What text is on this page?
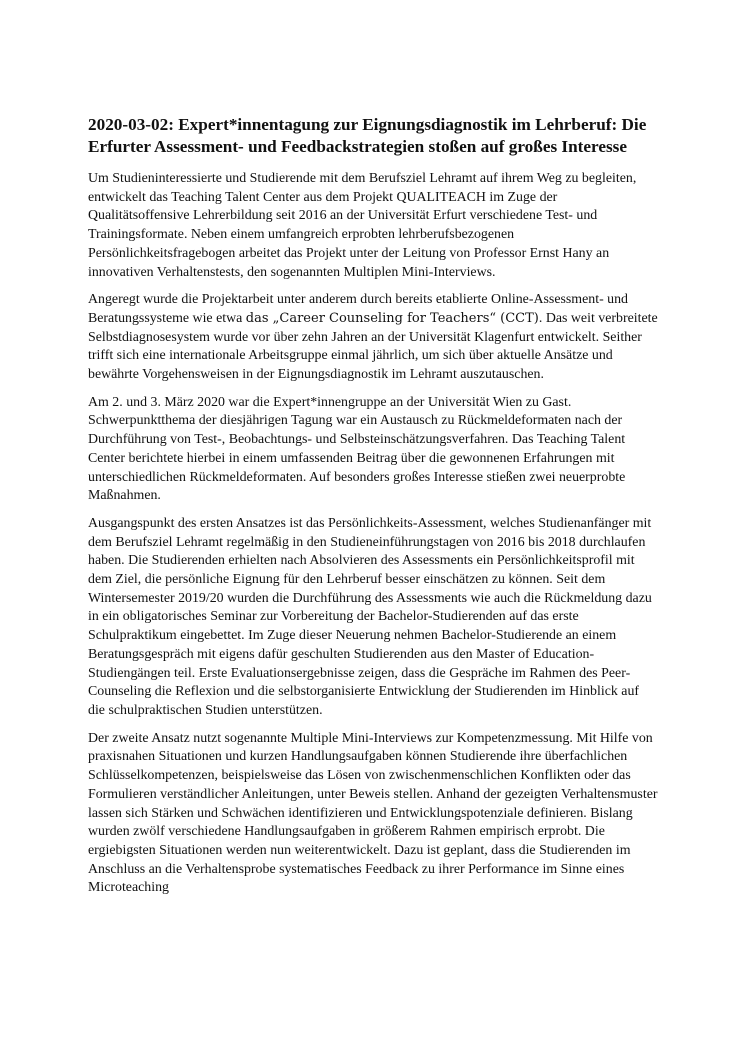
2020-03-02: Expert*innentagung zur Eignungsdiagnostik im Lehrberuf: Die Erfurter Assessment- und Feedbackstrategien stoßen auf großes Interesse

Um Studieninteressierte und Studierende mit dem Berufsziel Lehramt auf ihrem Weg zu begleiten, entwickelt das Teaching Talent Center aus dem Projekt QUALITEACH im Zuge der Qualitätsoffensive Lehrerbildung seit 2016 an der Universität Erfurt verschiedene Test- und Trainingsformate. Neben einem umfangreich erprobten lehrberufsbezogenen Persönlichkeitsfragebogen arbeitet das Projekt unter der Leitung von Professor Ernst Hany an innovativen Verhaltenstests, den sogenannten Multiplen Mini-Interviews.

Angeregt wurde die Projektarbeit unter anderem durch bereits etablierte Online-Assessment- und Beratungssysteme wie etwa das „Career Counseling for Teachers“ (CCT). Das weit verbreitete Selbstdiagnosesystem wurde vor über zehn Jahren an der Universität Klagenfurt entwickelt. Seither trifft sich eine internationale Arbeitsgruppe einmal jährlich, um sich über aktuelle Ansätze und bewährte Vorgehensweisen in der Eignungsdiagnostik im Lehramt auszutauschen.

Am 2. und 3. März 2020 war die Expert*innengruppe an der Universität Wien zu Gast. Schwerpunktthema der diesjährigen Tagung war ein Austausch zu Rückmeldeformaten nach der Durchführung von Test-, Beobachtungs- und Selbsteinschätzungsverfahren. Das Teaching Talent Center berichtete hierbei in einem umfassenden Beitrag über die gewonnenen Erfahrungen mit unterschiedlichen Rückmeldeformaten. Auf besonders großes Interesse stießen zwei neuerprobte Maßnahmen.

Ausgangspunkt des ersten Ansatzes ist das Persönlichkeits-Assessment, welches Studienanfänger mit dem Berufsziel Lehramt regelmäßig in den Studieneinführungstagen von 2016 bis 2018 durchlaufen haben. Die Studierenden erhielten nach Absolvieren des Assessments ein Persönlichkeitsprofil mit dem Ziel, die persönliche Eignung für den Lehrberuf besser einschätzen zu können. Seit dem Wintersemester 2019/20 wurden die Durchführung des Assessments wie auch die Rückmeldung dazu in ein obligatorisches Seminar zur Vorbereitung der Bachelor-Studierenden auf das erste Schulpraktikum eingebettet. Im Zuge dieser Neuerung nehmen Bachelor-Studierende an einem Beratungsgespräch mit eigens dafür geschulten Studierenden aus den Master of Education-Studiengängen teil. Erste Evaluationsergebnisse zeigen, dass die Gespräche im Rahmen des Peer-Counseling die Reflexion und die selbstorganisierte Entwicklung der Studierenden im Hinblick auf die schulpraktischen Studien unterstützen.

Der zweite Ansatz nutzt sogenannte Multiple Mini-Interviews zur Kompetenzmessung. Mit Hilfe von praxisnahen Situationen und kurzen Handlungsaufgaben können Studierende ihre überfachlichen Schlüsselkompetenzen, beispielsweise das Lösen von zwischenmenschlichen Konflikten oder das Formulieren verständlicher Anleitungen, unter Beweis stellen. Anhand der gezeigten Verhaltensmuster lassen sich Stärken und Schwächen identifizieren und Entwicklungspotenziale definieren. Bislang wurden zwölf verschiedene Handlungsaufgaben in größerem Rahmen empirisch erprobt. Die ergiebigsten Situationen werden nun weiterentwickelt. Dazu ist geplant, dass die Studierenden im Anschluss an die Verhaltensprobe systematisches Feedback zu ihrer Performance im Sinne eines Microteaching
